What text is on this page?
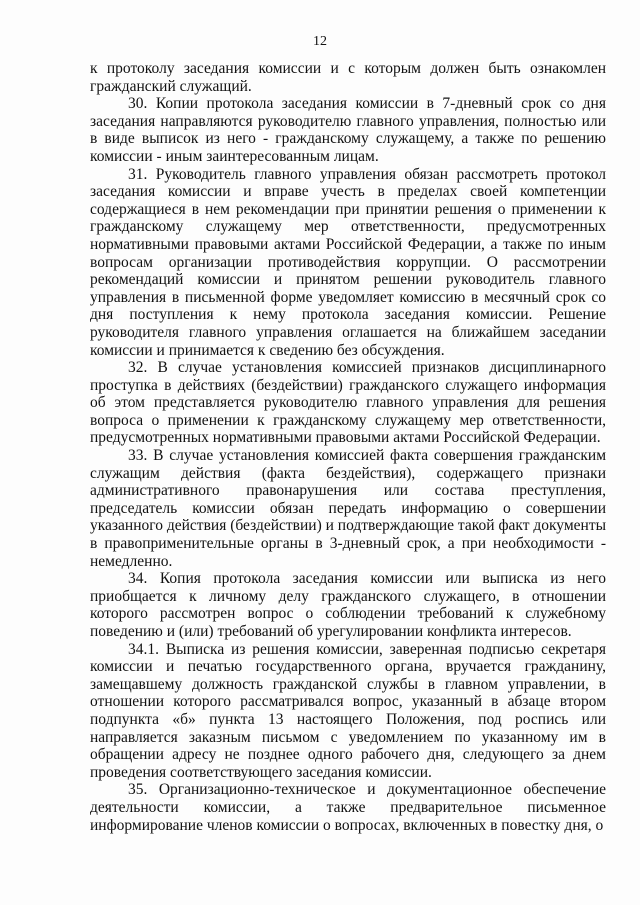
12

к протоколу заседания комиссии и с которым должен быть ознакомлен гражданский служащий.

30. Копии протокола заседания комиссии в 7-дневный срок со дня заседания направляются руководителю главного управления, полностью или в виде выписок из него - гражданскому служащему, а также по решению комиссии - иным заинтересованным лицам.

31. Руководитель главного управления обязан рассмотреть протокол заседания комиссии и вправе учесть в пределах своей компетенции содержащиеся в нем рекомендации при принятии решения о применении к гражданскому служащему мер ответственности, предусмотренных нормативными правовыми актами Российской Федерации, а также по иным вопросам организации противодействия коррупции. О рассмотрении рекомендаций комиссии и принятом решении руководитель главного управления в письменной форме уведомляет комиссию в месячный срок со дня поступления к нему протокола заседания комиссии. Решение руководителя главного управления оглашается на ближайшем заседании комиссии и принимается к сведению без обсуждения.

32. В случае установления комиссией признаков дисциплинарного проступка в действиях (бездействии) гражданского служащего информация об этом представляется руководителю главного управления для решения вопроса о применении к гражданскому служащему мер ответственности, предусмотренных нормативными правовыми актами Российской Федерации.

33. В случае установления комиссией факта совершения гражданским служащим действия (факта бездействия), содержащего признаки административного правонарушения или состава преступления, председатель комиссии обязан передать информацию о совершении указанного действия (бездействии) и подтверждающие такой факт документы в правоприменительные органы в 3-дневный срок, а при необходимости - немедленно.

34. Копия протокола заседания комиссии или выписка из него приобщается к личному делу гражданского служащего, в отношении которого рассмотрен вопрос о соблюдении требований к служебному поведению и (или) требований об урегулировании конфликта интересов.

34.1. Выписка из решения комиссии, заверенная подписью секретаря комиссии и печатью государственного органа, вручается гражданину, замещавшему должность гражданской службы в главном управлении, в отношении которого рассматривался вопрос, указанный в абзаце втором подпункта «б» пункта 13 настоящего Положения, под роспись или направляется заказным письмом с уведомлением по указанному им в обращении адресу не позднее одного рабочего дня, следующего за днем проведения соответствующего заседания комиссии.

35. Организационно-техническое и документационное обеспечение деятельности комиссии, а также предварительное письменное информирование членов комиссии о вопросах, включенных в повестку дня, о
